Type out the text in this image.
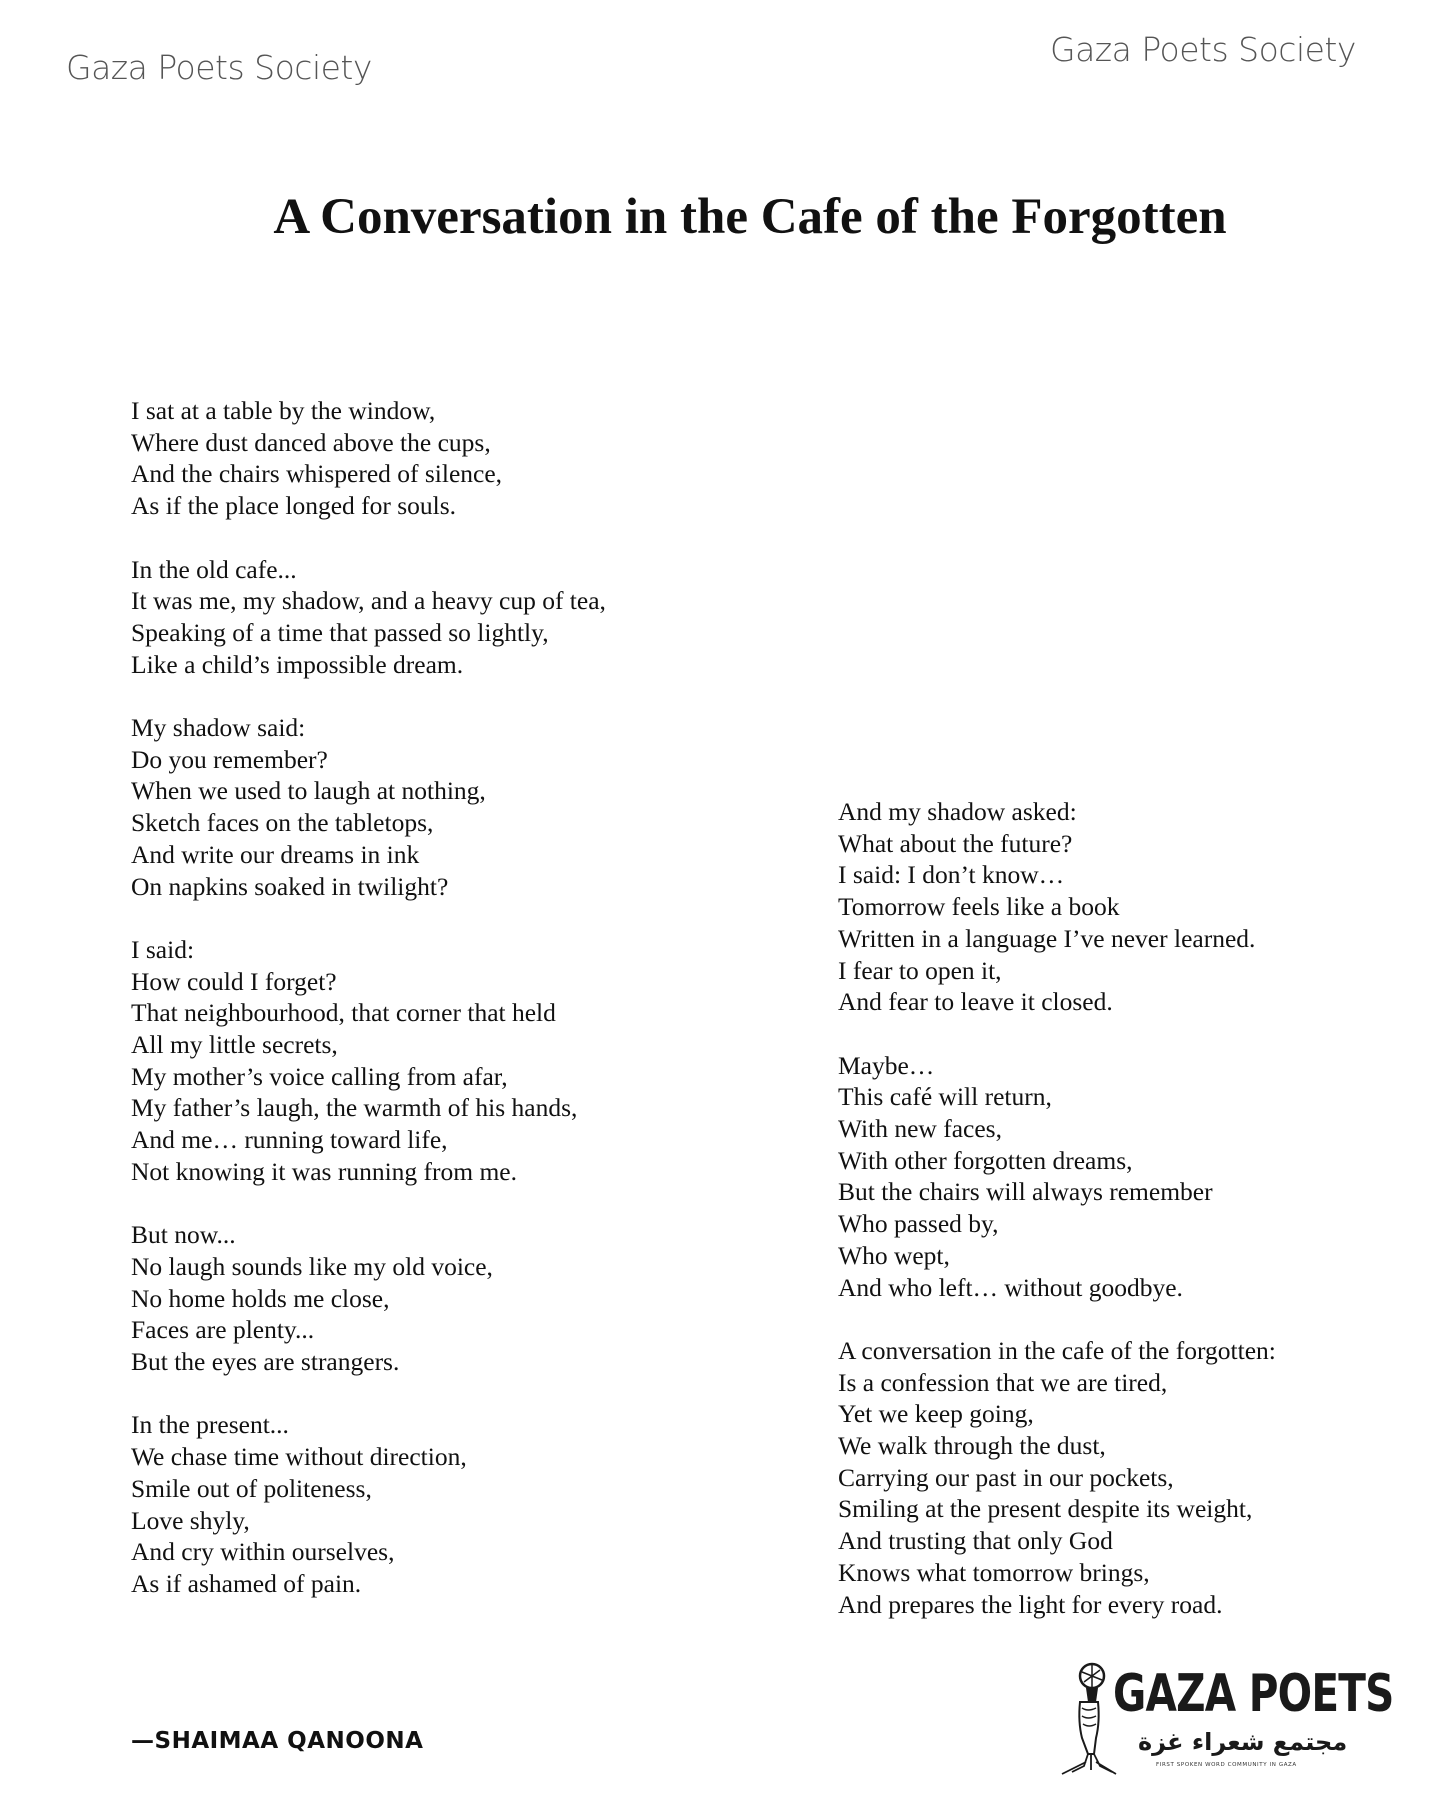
Gaza Poets Society	Gaza Poets Society
A Conversation in the Cafe of the Forgotten
I sat at a table by the window,
Where dust danced above the cups,
And the chairs whispered of silence,
As if the place longed for souls.
In the old cafe...
It was me, my shadow, and a heavy cup of tea,
Speaking of a time that passed so lightly,
Like a child’s impossible dream.
My shadow said:
Do you remember?
When we used to laugh at nothing,
Sketch faces on the tabletops,
And write our dreams in ink
On napkins soaked in twilight?
I said:
How could I forget?
That neighbourhood, that corner that held
All my little secrets,
My mother’s voice calling from afar,
My father’s laugh, the warmth of his hands,
And me… running toward life,
Not knowing it was running from me.
But now...
No laugh sounds like my old voice,
No home holds me close,
Faces are plenty...
But the eyes are strangers.
In the present...
We chase time without direction,
Smile out of politeness,
Love shyly,
And cry within ourselves,
As if ashamed of pain.
And my shadow asked:
What about the future?
I said: I don’t know…
Tomorrow feels like a book
Written in a language I’ve never learned.
I fear to open it,
And fear to leave it closed.
Maybe…
This café will return,
With new faces,
With other forgotten dreams,
But the chairs will always remember
Who passed by,
Who wept,
And who left… without goodbye.
A conversation in the cafe of the forgotten:
Is a confession that we are tired,
Yet we keep going,
We walk through the dust,
Carrying our past in our pockets,
Smiling at the present despite its weight,
And trusting that only God
Knows what tomorrow brings,
And prepares the light for every road.
—SHAIMAA QANOONA
GAZA POETS
مجتمع شعراء غزة
FIRST SPOKEN WORD COMMUNITY IN GAZA
